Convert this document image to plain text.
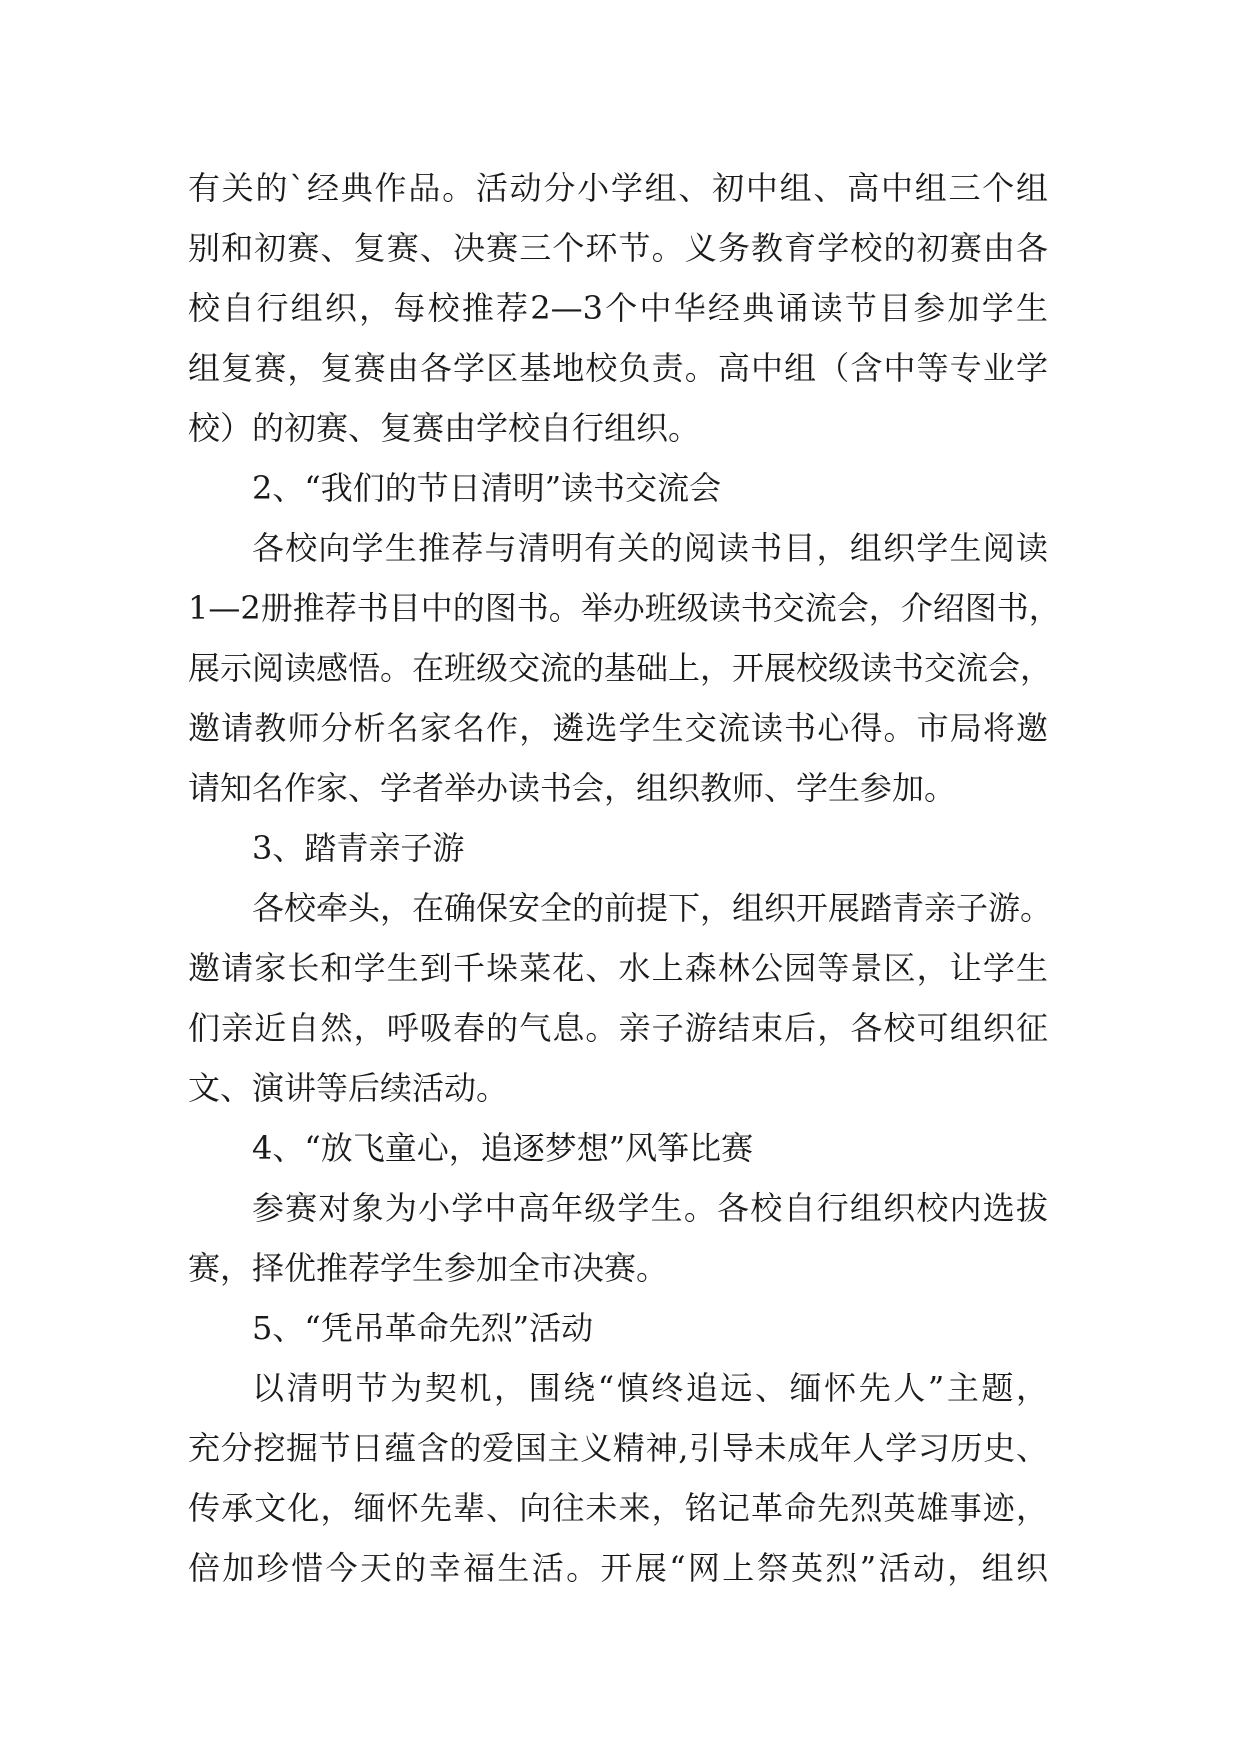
有关的`经典作品。活动分小学组、初中组、高中组三个组
别和初赛、复赛、决赛三个环节。义务教育学校的初赛由各
校自行组织，每校推荐2—3个中华经典诵读节目参加学生
组复赛，复赛由各学区基地校负责。高中组（含中等专业学
校）的初赛、复赛由学校自行组织。
2、“我们的节日清明”读书交流会
各校向学生推荐与清明有关的阅读书目，组织学生阅读
1—2册推荐书目中的图书。举办班级读书交流会，介绍图书，
展示阅读感悟。在班级交流的基础上，开展校级读书交流会，
邀请教师分析名家名作，遴选学生交流读书心得。市局将邀
请知名作家、学者举办读书会，组织教师、学生参加。
3、踏青亲子游
各校牵头，在确保安全的前提下，组织开展踏青亲子游。
邀请家长和学生到千垛菜花、水上森林公园等景区，让学生
们亲近自然，呼吸春的气息。亲子游结束后，各校可组织征
文、演讲等后续活动。
4、“放飞童心，追逐梦想”风筝比赛
参赛对象为小学中高年级学生。各校自行组织校内选拔
赛，择优推荐学生参加全市决赛。
5、“凭吊革命先烈”活动
以清明节为契机，围绕“慎终追远、缅怀先人”主题，
充分挖掘节日蕴含的爱国主义精神,引导未成年人学习历史、
传承文化，缅怀先辈、向往未来，铭记革命先烈英雄事迹，
倍加珍惜今天的幸福生活。开展“网上祭英烈”活动，组织
